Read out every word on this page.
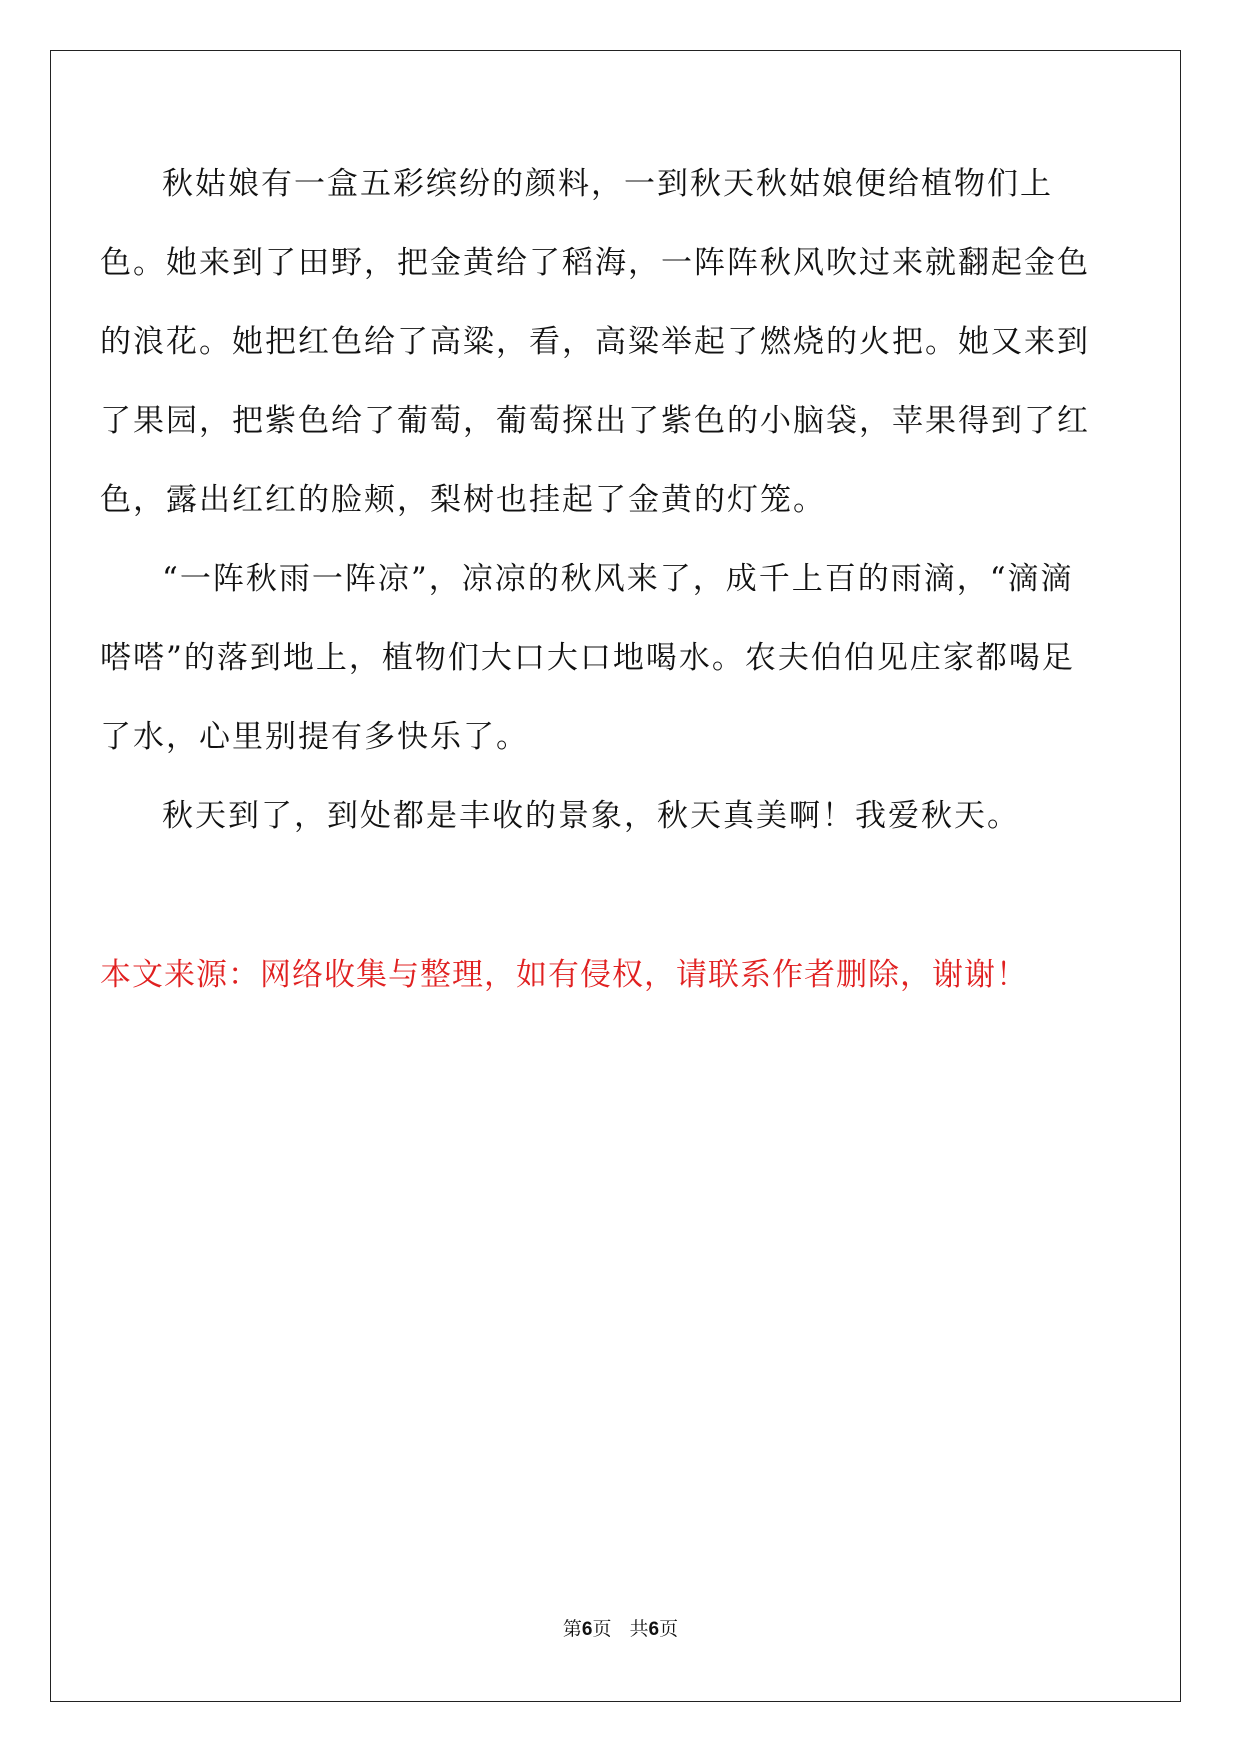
秋姑娘有一盒五彩缤纷的颜料，一到秋天秋姑娘便给植物们上色。她来到了田野，把金黄给了稻海，一阵阵秋风吹过来就翻起金色的浪花。她把红色给了高粱，看，高粱举起了燃烧的火把。她又来到了果园，把紫色给了葡萄，葡萄探出了紫色的小脑袋，苹果得到了红色，露出红红的脸颊，梨树也挂起了金黄的灯笼。

“一阵秋雨一阵凉”，凉凉的秋风来了，成千上百的雨滴，“滴滴嗒嗒”的落到地上，植物们大口大口地喝水。农夫伯伯见庄家都喝足了水，心里别提有多快乐了。

秋天到了，到处都是丰收的景象，秋天真美啊！我爱秋天。

本文来源：网络收集与整理，如有侵权，请联系作者删除，谢谢！
第6页 共6页
